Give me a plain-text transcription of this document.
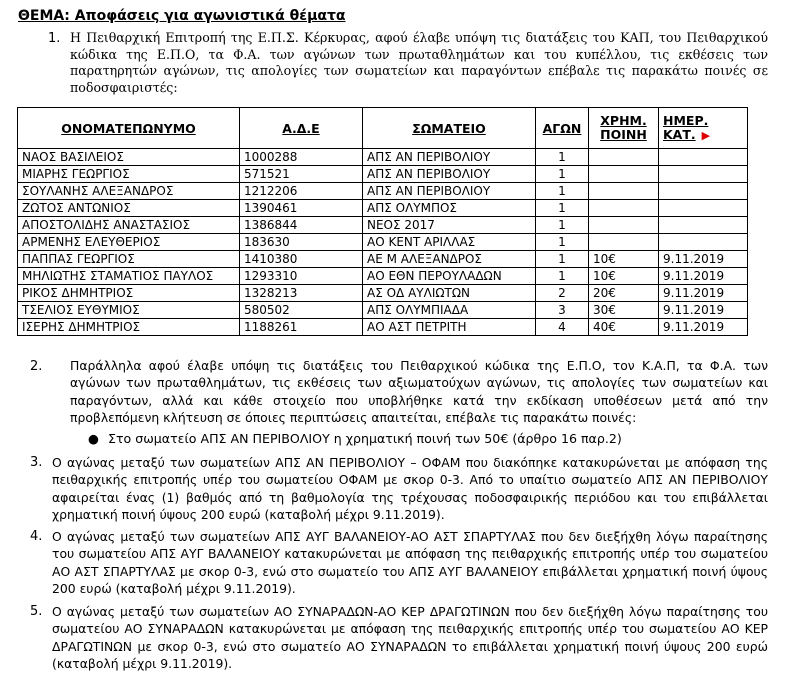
ΘΕΜΑ: Αποφάσεις για αγωνιστικά θέματα
1. Η Πειθαρχική Επιτροπή της Ε.Π.Σ. Κέρκυρας, αφού έλαβε υπόψη τις διατάξεις του ΚΑΠ, του Πειθαρχικού κώδικα της Ε.Π.Ο, τα Φ.Α. των αγώνων των πρωταθλημάτων και του κυπέλλου, τις εκθέσεις των παρατηρητών αγώνων, τις απολογίες των σωματείων και παραγόντων επέβαλε τις παρακάτω ποινές σε ποδοσφαιριστές:
ΟΝΟΜΑΤΕΠΩΝΥΜΟ	Α.Δ.Ε	ΣΩΜΑΤΕΙΟ	ΑΓΩΝ	ΧΡΗΜ. ΠΟΙΝΗ	ΗΜΕΡ. ΚΑΤ. ▶
ΝΑΟΣ ΒΑΣΙΛΕΙΟΣ	1000288	ΑΠΣ ΑΝ ΠΕΡΙΒΟΛΙΟΥ	1		
ΜΙΑΡΗΣ ΓΕΩΡΓΙΟΣ	571521	ΑΠΣ ΑΝ ΠΕΡΙΒΟΛΙΟΥ	1		
ΣΟΥΛΑΝΗΣ ΑΛΕΞΑΝΔΡΟΣ	1212206	ΑΠΣ ΑΝ ΠΕΡΙΒΟΛΙΟΥ	1		
ΖΩΤΟΣ ΑΝΤΩΝΙΟΣ	1390461	ΑΠΣ ΟΛΥΜΠΟΣ	1		
ΑΠΟΣΤΟΛΙΔΗΣ ΑΝΑΣΤΑΣΙΟΣ	1386844	ΝΕΟΣ 2017	1		
ΑΡΜΕΝΗΣ ΕΛΕΥΘΕΡΙΟΣ	183630	ΑΟ ΚΕΝΤ ΑΡΙΛΛΑΣ	1		
ΠΑΠΠΑΣ ΓΕΩΡΓΙΟΣ	1410380	ΑΕ Μ ΑΛΕΞΑΝΔΡΟΣ	1	10€	9.11.2019
ΜΗΛΙΩΤΗΣ ΣΤΑΜΑΤΙΟΣ ΠΑΥΛΟΣ	1293310	ΑΟ ΕΘΝ ΠΕΡΟΥΛΑΔΩΝ	1	10€	9.11.2019
ΡΙΚΟΣ ΔΗΜΗΤΡΙΟΣ	1328213	ΑΣ ΟΔ ΑΥΛΙΩΤΩΝ	2	20€	9.11.2019
ΤΣΕΛΙΟΣ ΕΥΘΥΜΙΟΣ	580502	ΑΠΣ ΟΛΥΜΠΙΑΔΑ	3	30€	9.11.2019
ΙΣΕΡΗΣ ΔΗΜΗΤΡΙΟΣ	1188261	ΑΟ ΑΣΤ ΠΕΤΡΙΤΗ	4	40€	9.11.2019
2. Παράλληλα αφού έλαβε υπόψη τις διατάξεις του Πειθαρχικού κώδικα της Ε.Π.Ο, τον Κ.Α.Π, τα Φ.Α. των αγώνων των πρωταθλημάτων, τις εκθέσεις των αξιωματούχων αγώνων, τις απολογίες των σωματείων και παραγόντων, αλλά και κάθε στοιχείο που υποβλήθηκε κατά την εκδίκαση υποθέσεων μετά από την προβλεπόμενη κλήτευση σε όποιες περιπτώσεις απαιτείται, επέβαλε τις παρακάτω ποινές:
● Στο σωματείο ΑΠΣ ΑΝ ΠΕΡΙΒΟΛΙΟΥ η χρηματική ποινή των 50€ (άρθρο 16 παρ.2)
3. Ο αγώνας μεταξύ των σωματείων ΑΠΣ ΑΝ ΠΕΡΙΒΟΛΙΟΥ – ΟΦΑΜ που διακόπηκε κατακυρώνεται με απόφαση της πειθαρχικής επιτροπής υπέρ του σωματείου ΟΦΑΜ με σκορ 0-3. Από το υπαίτιο σωματείο ΑΠΣ ΑΝ ΠΕΡΙΒΟΛΙΟΥ αφαιρείται ένας (1) βαθμός από τη βαθμολογία της τρέχουσας ποδοσφαιρικής περιόδου και του επιβάλλεται χρηματική ποινή ύψους 200 ευρώ (καταβολή μέχρι 9.11.2019).
4. Ο αγώνας μεταξύ των σωματείων ΑΠΣ ΑΥΓ ΒΑΛΑΝΕΙΟΥ-ΑΟ ΑΣΤ ΣΠΑΡΤΥΛΑΣ που δεν διεξήχθη λόγω παραίτησης του σωματείου ΑΠΣ ΑΥΓ ΒΑΛΑΝΕΙΟΥ κατακυρώνεται με απόφαση της πειθαρχικής επιτροπής υπέρ του σωματείου ΑΟ ΑΣΤ ΣΠΑΡΤΥΛΑΣ με σκορ 0-3, ενώ στο σωματείο του ΑΠΣ ΑΥΓ ΒΑΛΑΝΕΙΟΥ επιβάλλεται χρηματική ποινή ύψους 200 ευρώ (καταβολή μέχρι 9.11.2019).
5. Ο αγώνας μεταξύ των σωματείων ΑΟ ΣΥΝΑΡΑΔΩΝ-ΑΟ ΚΕΡ ΔΡΑΓΩΤΙΝΩΝ που δεν διεξήχθη λόγω παραίτησης του σωματείου ΑΟ ΣΥΝΑΡΑΔΩΝ κατακυρώνεται με απόφαση της πειθαρχικής επιτροπής υπέρ του σωματείου ΑΟ ΚΕΡ ΔΡΑΓΩΤΙΝΩΝ με σκορ 0-3, ενώ στο σωματείο ΑΟ ΣΥΝΑΡΑΔΩΝ το επιβάλλεται χρηματική ποινή ύψους 200 ευρώ (καταβολή μέχρι 9.11.2019).
